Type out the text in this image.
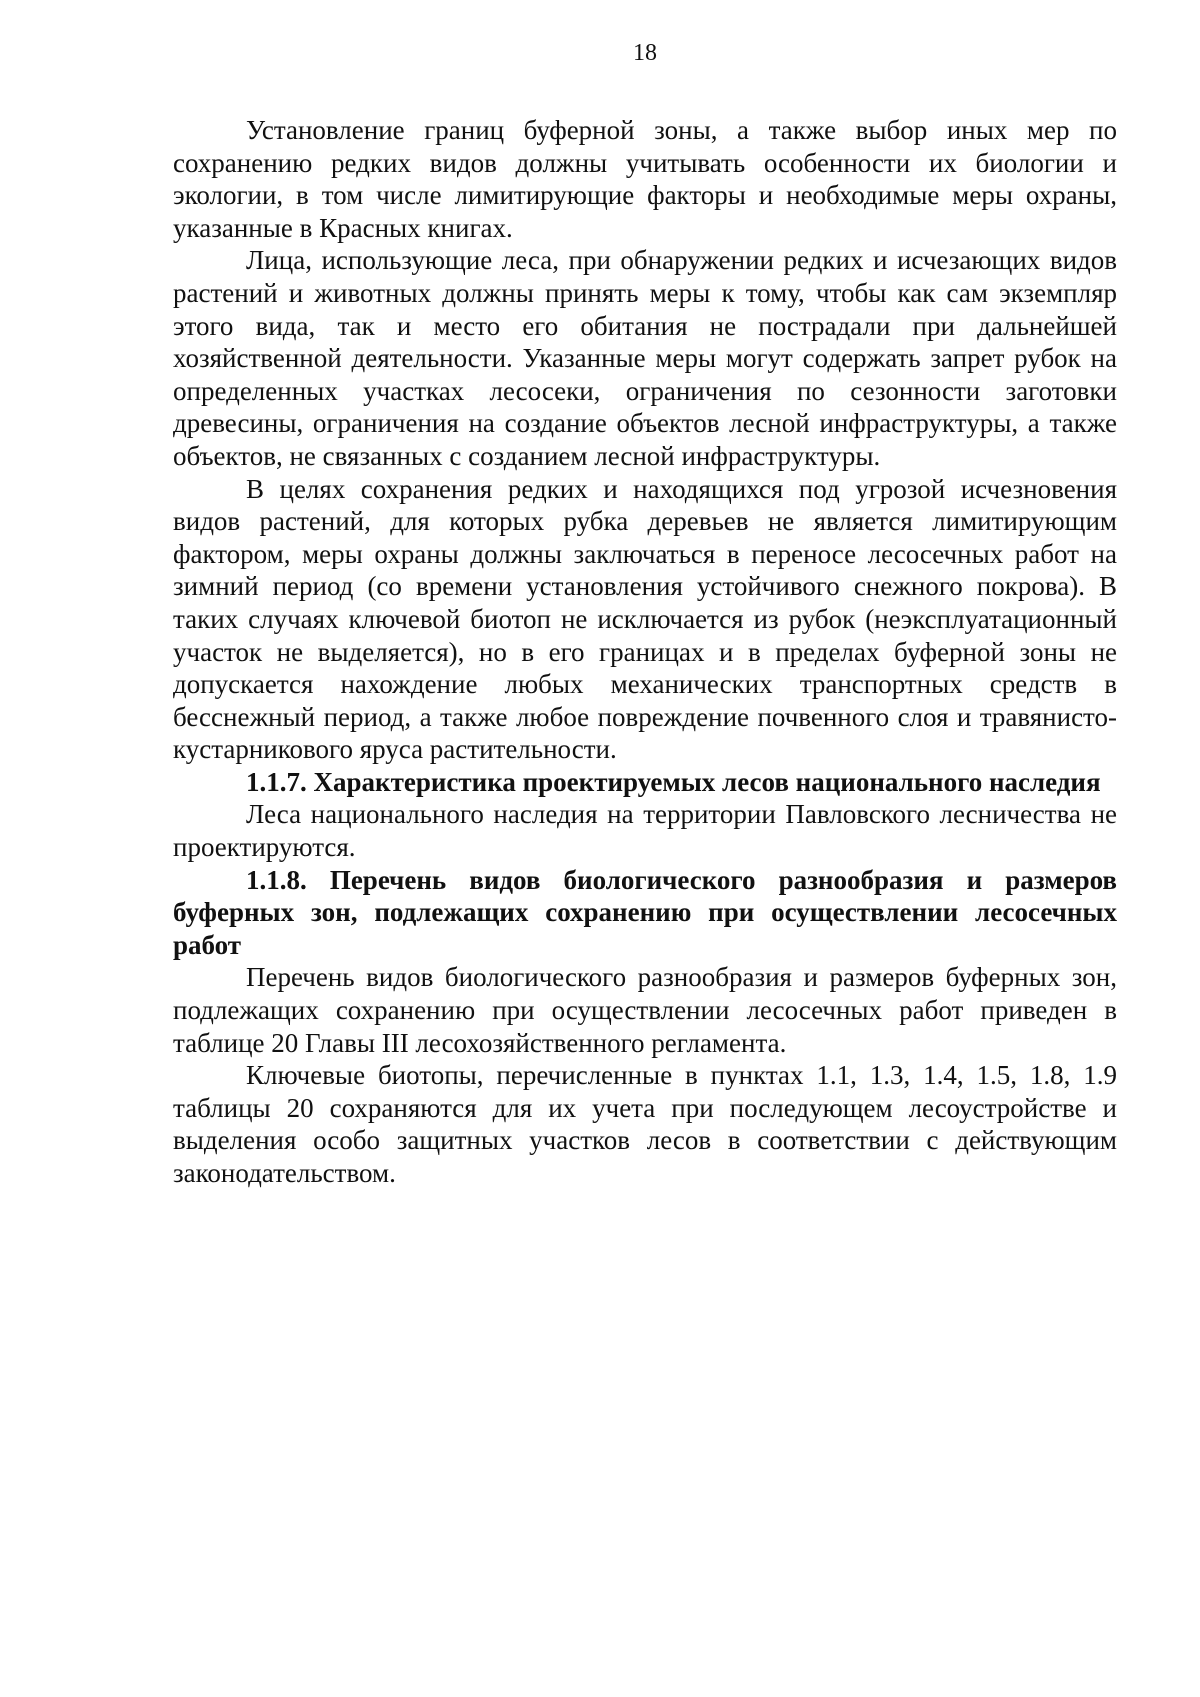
18

Установление границ буферной зоны, а также выбор иных мер по сохранению редких видов должны учитывать особенности их биологии и экологии, в том числе лимитирующие факторы и необходимые меры охраны, указанные в Красных книгах.

Лица, использующие леса, при обнаружении редких и исчезающих видов растений и животных должны принять меры к тому, чтобы как сам экземпляр этого вида, так и место его обитания не пострадали при дальнейшей хозяйственной деятельности. Указанные меры могут содержать запрет рубок на определенных участках лесосеки, ограничения по сезонности заготовки древесины, ограничения на создание объектов лесной инфраструктуры, а также объектов, не связанных с созданием лесной инфраструктуры.

В целях сохранения редких и находящихся под угрозой исчезновения видов растений, для которых рубка деревьев не является лимитирующим фактором, меры охраны должны заключаться в переносе лесосечных работ на зимний период (со времени установления устойчивого снежного покрова). В таких случаях ключевой биотоп не исключается из рубок (неэксплуатационный участок не выделяется), но в его границах и в пределах буферной зоны не допускается нахождение любых механических транспортных средств в бесснежный период, а также любое повреждение почвенного слоя и травянисто-кустарникового яруса растительности.

1.1.7. Характеристика проектируемых лесов национального наследия

Леса национального наследия на территории Павловского лесничества не проектируются.

1.1.8. Перечень видов биологического разнообразия и размеров буферных зон, подлежащих сохранению при осуществлении лесосечных работ

Перечень видов биологического разнообразия и размеров буферных зон, подлежащих сохранению при осуществлении лесосечных работ приведен в таблице 20 Главы III лесохозяйственного регламента.

Ключевые биотопы, перечисленные в пунктах 1.1, 1.3, 1.4, 1.5, 1.8, 1.9 таблицы 20 сохраняются для их учета при последующем лесоустройстве и выделения особо защитных участков лесов в соответствии с действующим законодательством.
